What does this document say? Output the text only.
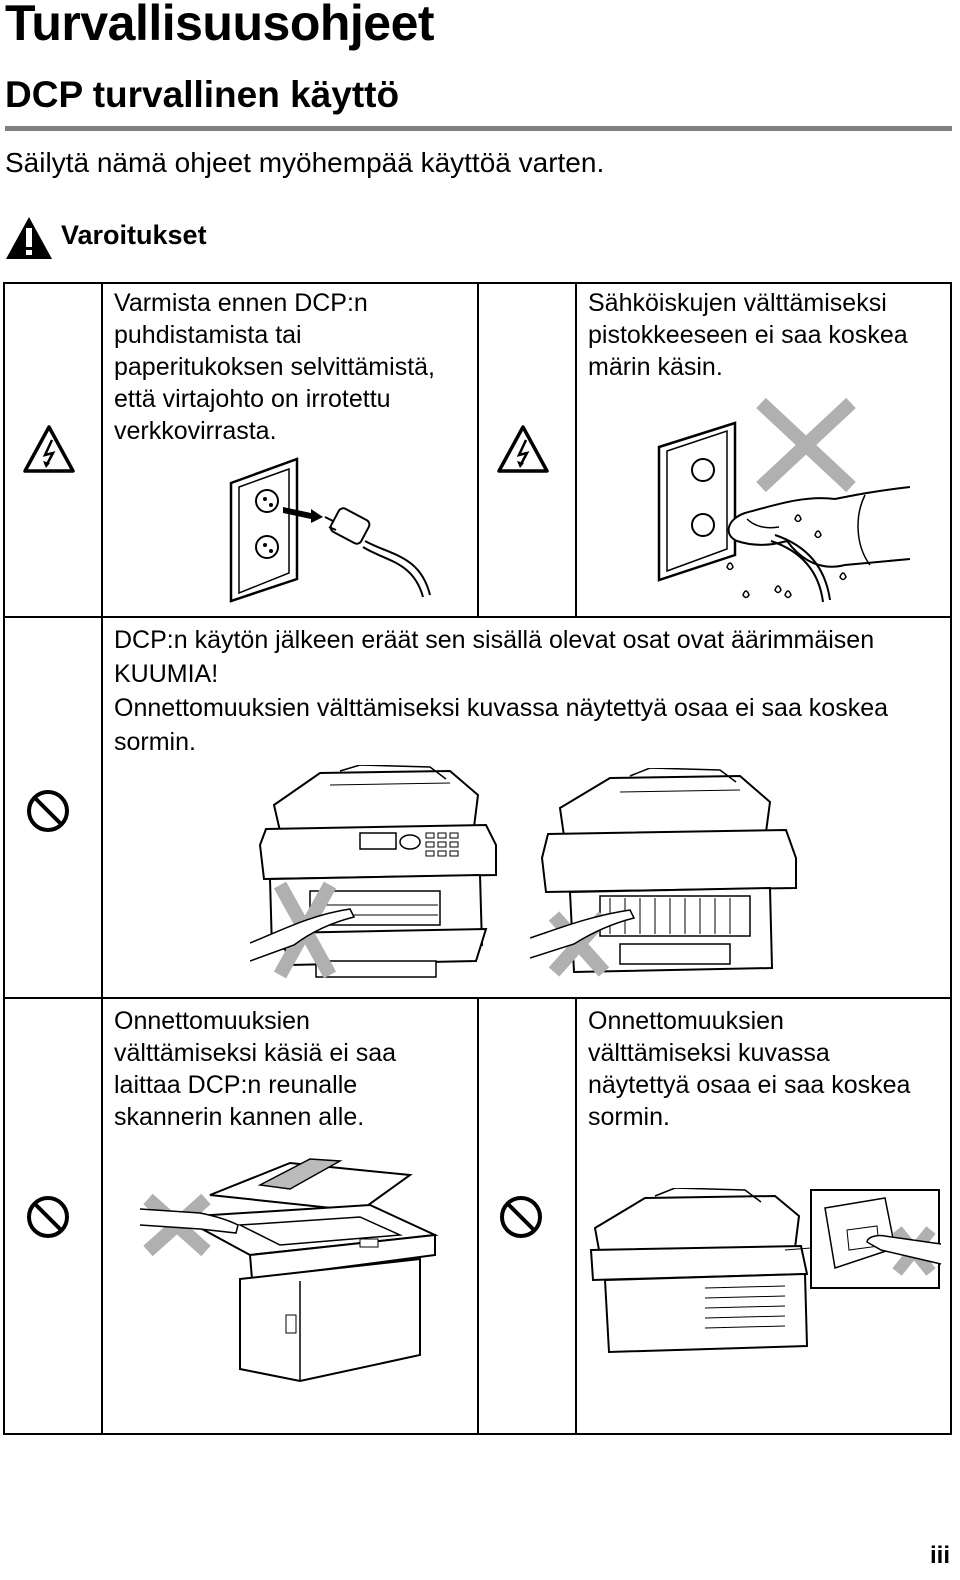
Turvallisuusohjeet
DCP turvallinen käyttö
Säilytä nämä ohjeet myöhempää käyttöä varten.
Varoitukset
Varmista ennen DCP:n
puhdistamista tai
paperitukoksen selvittämistä,
että virtajohto on irrotettu
verkkovirrasta.
Sähköiskujen välttämiseksi
pistokkeeseen ei saa koskea
märin käsin.
DCP:n käytön jälkeen eräät sen sisällä olevat osat ovat äärimmäisen
KUUMIA!
Onnettomuuksien välttämiseksi kuvassa näytettyä osaa ei saa koskea
sormin.
Onnettomuuksien
välttämiseksi käsiä ei saa
laittaa DCP:n reunalle
skannerin kannen alle.
Onnettomuuksien
välttämiseksi kuvassa
näytettyä osaa ei saa koskea
sormin.
iii
